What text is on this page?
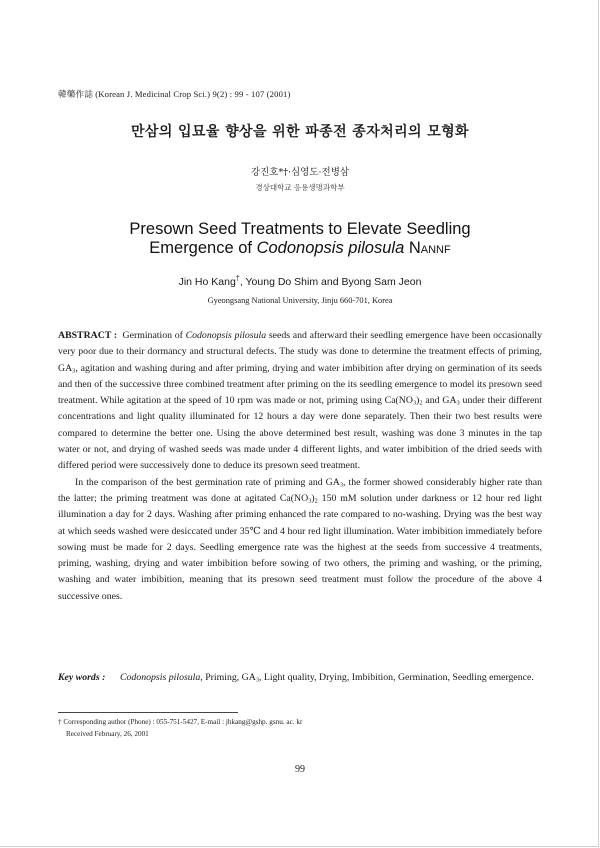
韓藥作誌 (Korean J. Medicinal Crop Sci.) 9(2) : 99 - 107 (2001)
만삼의 입묘율 향상을 위한 파종전 종자처리의 모형화
강진호*†·심영도·전병삼
경상대학교 응용생명과학부
Presown Seed Treatments to Elevate Seedling
Emergence of Codonopsis pilosula NANNF
Jin Ho Kang†, Young Do Shim and Byong Sam Jeon
Gyeongsang National University, Jinju 660-701, Korea

ABSTRACT : Germination of Codonopsis pilosula seeds and afterward their seedling emergence have been occasionally very poor due to their dormancy and structural defects. The study was done to determine the treatment effects of priming, $GA_3$, agitation and washing during and after priming, drying and water imbibition after drying on germination of its seeds and then of the successive three combined treatment after priming on the its seedling emergence to model its presown seed treatment. While agitation at the speed of 10 rpm was made or not, priming using $Ca(NO_3)_2$ and $GA_3$ under their different concentrations and light quality illuminated for 12 hours a day were done separately. Then their two best results were compared to determine the better one. Using the above determined best result, washing was done 3 minutes in the tap water or not, and drying of washed seeds was made under 4 different lights, and water imbibition of the dried seeds with differed period were successively done to deduce its presown seed treatment.

In the comparison of the best germination rate of priming and $GA_3$, the former showed considerably higher rate than the latter; the priming treatment was done at agitated $Ca(NO_3)_2$ 150 mM solution under darkness or 12 hour red light illumination a day for 2 days. Washing after priming enhanced the rate compared to no-washing. Drying was the best way at which seeds washed were desiccated under 35℃ and 4 hour red light illumination. Water imbibition immediately before sowing must be made for 2 days. Seedling emergence rate was the highest at the seeds from successive 4 treatments, priming, washing, drying and water imbibition before sowing of two others, the priming and washing, or the priming, washing and water imbibition, meaning that its presown seed treatment must follow the procedure of the above 4 successive ones.

Key words :	Codonopsis pilosula, Priming, $GA_3$, Light quality, Drying, Imbibition, Germination, Seedling emergence.
† Corresponding author (Phone) : 055-751-5427, E-mail : jhkang@gshp. gsnu. ac. kr
Received February, 26, 2001
99
